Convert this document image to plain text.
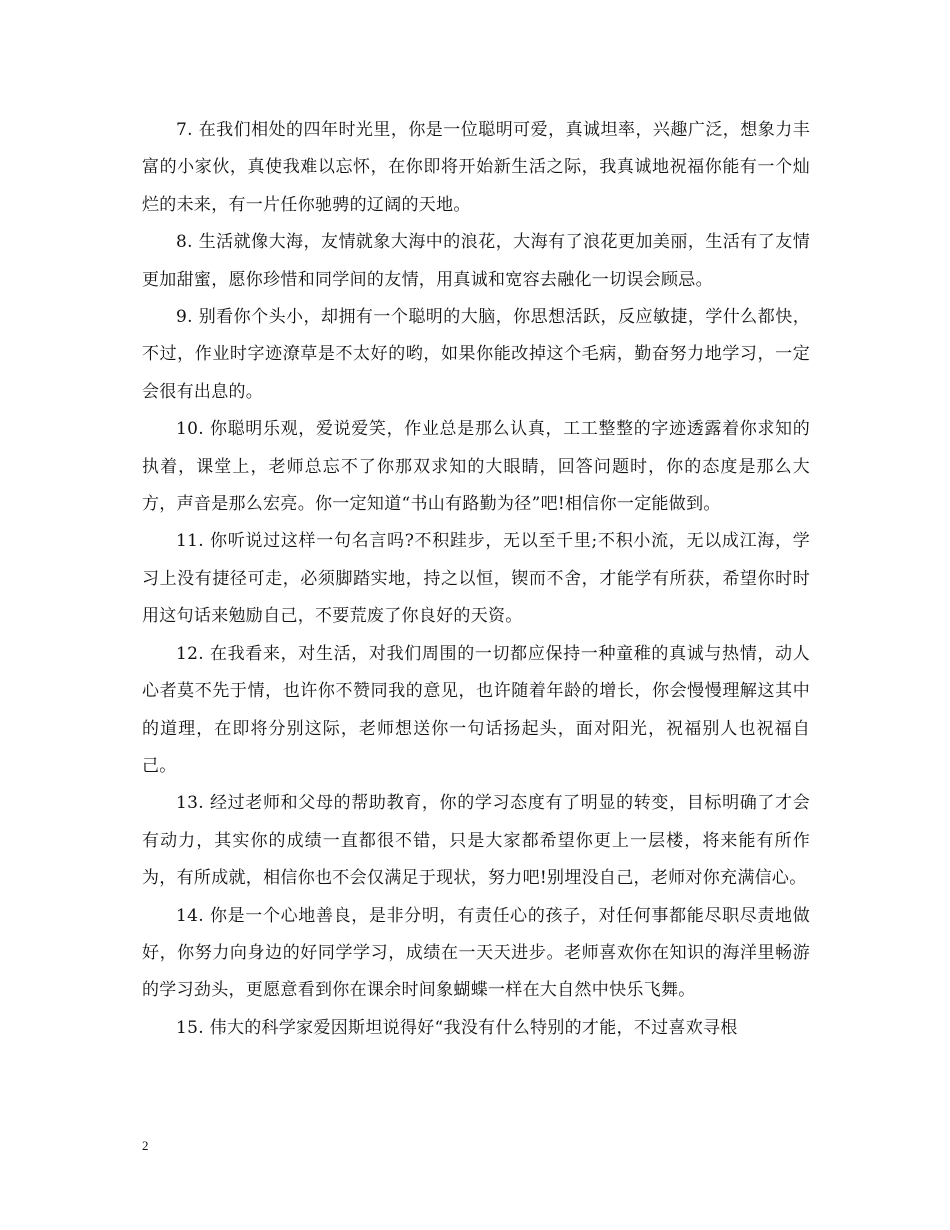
7. 在我们相处的四年时光里，你是一位聪明可爱，真诚坦率，兴趣广泛，想象力丰富的小家伙，真使我难以忘怀，在你即将开始新生活之际，我真诚地祝福你能有一个灿烂的未来，有一片任你驰骋的辽阔的天地。

8. 生活就像大海，友情就象大海中的浪花，大海有了浪花更加美丽，生活有了友情更加甜蜜，愿你珍惜和同学间的友情，用真诚和宽容去融化一切误会顾忌。

9. 别看你个头小，却拥有一个聪明的大脑，你思想活跃，反应敏捷，学什么都快，不过，作业时字迹潦草是不太好的哟，如果你能改掉这个毛病，勤奋努力地学习，一定会很有出息的。

10. 你聪明乐观，爱说爱笑，作业总是那么认真，工工整整的字迹透露着你求知的执着，课堂上，老师总忘不了你那双求知的大眼睛，回答问题时，你的态度是那么大方，声音是那么宏亮。你一定知道“书山有路勤为径”吧!相信你一定能做到。

11. 你听说过这样一句名言吗?不积跬步，无以至千里;不积小流，无以成江海，学习上没有捷径可走，必须脚踏实地，持之以恒，锲而不舍，才能学有所获，希望你时时用这句话来勉励自己，不要荒废了你良好的天资。

12. 在我看来，对生活，对我们周围的一切都应保持一种童稚的真诚与热情，动人心者莫不先于情，也许你不赞同我的意见，也许随着年龄的增长，你会慢慢理解这其中的道理，在即将分别这际，老师想送你一句话扬起头，面对阳光，祝福别人也祝福自己。

13. 经过老师和父母的帮助教育，你的学习态度有了明显的转变，目标明确了才会有动力，其实你的成绩一直都很不错，只是大家都希望你更上一层楼，将来能有所作为，有所成就，相信你也不会仅满足于现状，努力吧!别埋没自己，老师对你充满信心。

14. 你是一个心地善良，是非分明，有责任心的孩子，对任何事都能尽职尽责地做好，你努力向身边的好同学学习，成绩在一天天进步。老师喜欢你在知识的海洋里畅游的学习劲头，更愿意看到你在课余时间象蝴蝶一样在大自然中快乐飞舞。

15. 伟大的科学家爱因斯坦说得好“我没有什么特别的才能，不过喜欢寻根

2
